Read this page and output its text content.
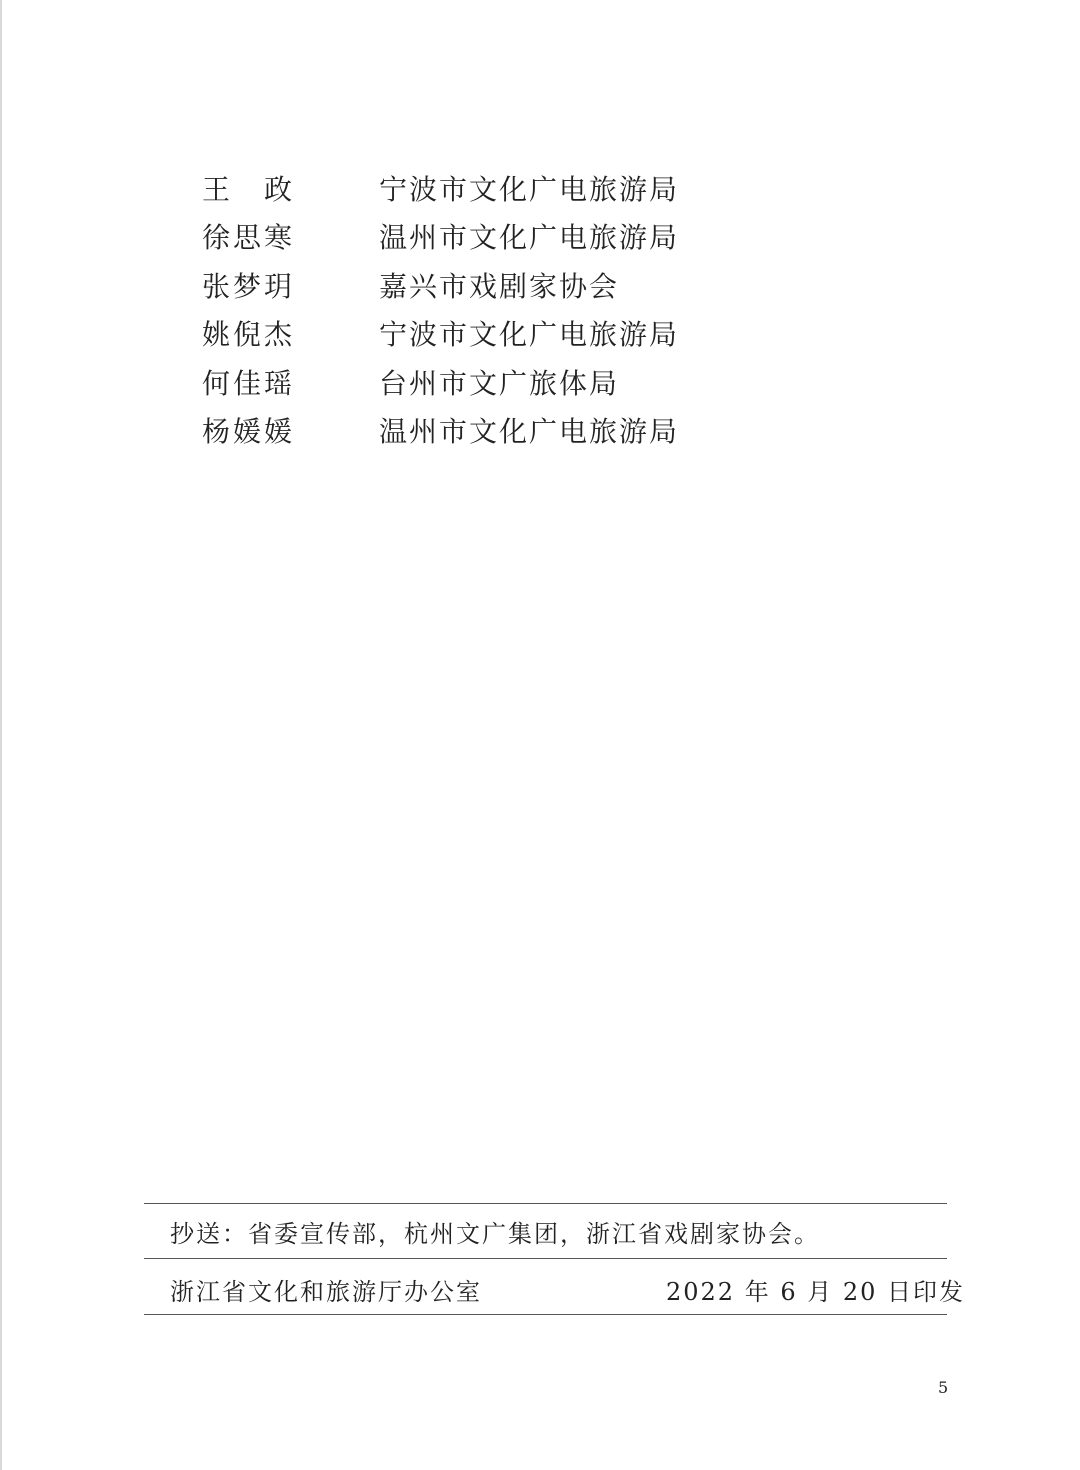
王 政	宁波市文化广电旅游局
徐 思 寒	温州市文化广电旅游局
张 梦 玥	嘉兴市戏剧家协会
姚 倪 杰	宁波市文化广电旅游局
何 佳 瑶	台州市文广旅体局
杨 媛 媛	温州市文化广电旅游局
抄送：省委宣传部，杭州文广集团，浙江省戏剧家协会。
浙江省文化和旅游厅办公室	2022 年 6 月 20 日印发
5
